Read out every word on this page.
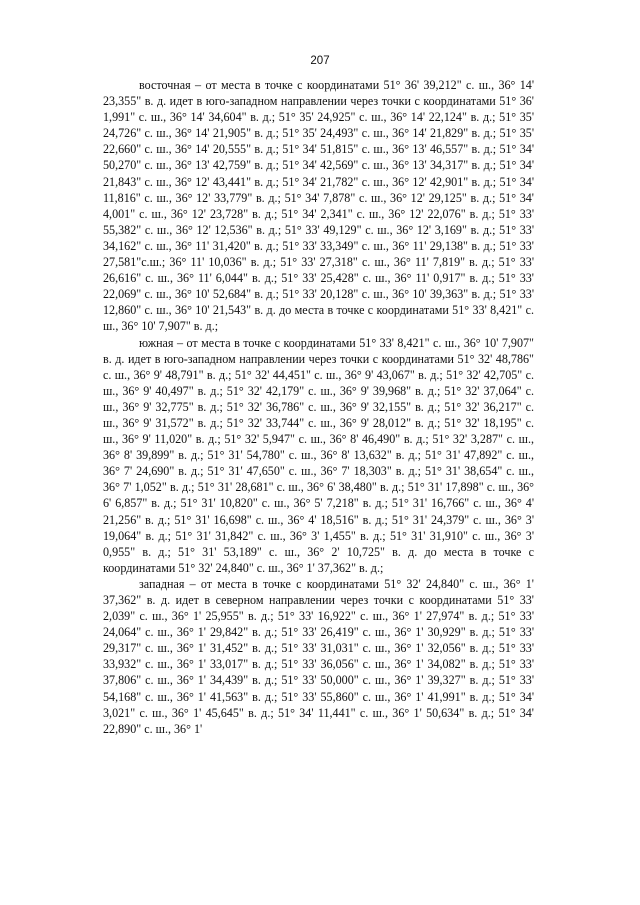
207

восточная – от места в точке с координатами 51° 36' 39,212" с. ш., 36° 14' 23,355" в. д. идет в юго-западном направлении через точки с координатами 51° 36' 1,991" с. ш., 36° 14' 34,604" в. д.; 51° 35' 24,925" с. ш., 36° 14' 22,124" в. д.; 51° 35' 24,726" с. ш., 36° 14' 21,905" в. д.; 51° 35' 24,493" с. ш., 36° 14' 21,829" в. д.; 51° 35' 22,660" с. ш., 36° 14' 20,555" в. д.; 51° 34' 51,815" с. ш., 36° 13' 46,557" в. д.; 51° 34' 50,270" с. ш., 36° 13' 42,759" в. д.; 51° 34' 42,569" с. ш., 36° 13' 34,317" в. д.; 51° 34' 21,843" с. ш., 36° 12' 43,441" в. д.; 51° 34' 21,782" с. ш., 36° 12' 42,901" в. д.; 51° 34' 11,816" с. ш., 36° 12' 33,779" в. д.; 51° 34' 7,878" с. ш., 36° 12' 29,125" в. д.; 51° 34' 4,001" с. ш., 36° 12' 23,728" в. д.; 51° 34' 2,341" с. ш., 36° 12' 22,076" в. д.; 51° 33' 55,382" с. ш., 36° 12' 12,536" в. д.; 51° 33' 49,129" с. ш., 36° 12' 3,169" в. д.; 51° 33' 34,162" с. ш., 36° 11' 31,420" в. д.; 51° 33' 33,349" с. ш., 36° 11' 29,138" в. д.; 51° 33' 27,581"с.ш.; 36° 11' 10,036" в. д.; 51° 33' 27,318" с. ш., 36° 11' 7,819" в. д.; 51° 33' 26,616" с. ш., 36° 11' 6,044" в. д.; 51° 33' 25,428" с. ш., 36° 11' 0,917" в. д.; 51° 33' 22,069" с. ш., 36° 10' 52,684" в. д.; 51° 33' 20,128" с. ш., 36° 10' 39,363" в. д.; 51° 33' 12,860" с. ш., 36° 10' 21,543" в. д. до места в точке с координатами 51° 33' 8,421" с. ш., 36° 10' 7,907" в. д.;

южная – от места в точке с координатами 51° 33' 8,421" с. ш., 36° 10' 7,907" в. д. идет в юго-западном направлении через точки с координатами 51° 32' 48,786" с. ш., 36° 9' 48,791" в. д.; 51° 32' 44,451" с. ш., 36° 9' 43,067" в. д.; 51° 32' 42,705" с. ш., 36° 9' 40,497" в. д.; 51° 32' 42,179" с. ш., 36° 9' 39,968" в. д.; 51° 32' 37,064" с. ш., 36° 9' 32,775" в. д.; 51° 32' 36,786" с. ш., 36° 9' 32,155" в. д.; 51° 32' 36,217" с. ш., 36° 9' 31,572" в. д.; 51° 32' 33,744" с. ш., 36° 9' 28,012" в. д.; 51° 32' 18,195" с. ш., 36° 9' 11,020" в. д.; 51° 32' 5,947" с. ш., 36° 8' 46,490" в. д.; 51° 32' 3,287" с. ш., 36° 8' 39,899" в. д.; 51° 31' 54,780" с. ш., 36° 8' 13,632" в. д.; 51° 31' 47,892" с. ш., 36° 7' 24,690" в. д.; 51° 31' 47,650" с. ш., 36° 7' 18,303" в. д.; 51° 31' 38,654" с. ш., 36° 7' 1,052" в. д.; 51° 31' 28,681" с. ш., 36° 6' 38,480" в. д.; 51° 31' 17,898" с. ш., 36° 6' 6,857" в. д.; 51° 31' 10,820" с. ш., 36° 5' 7,218" в. д.; 51° 31' 16,766" с. ш., 36° 4' 21,256" в. д.; 51° 31' 16,698" с. ш., 36° 4' 18,516" в. д.; 51° 31' 24,379" с. ш., 36° 3' 19,064" в. д.; 51° 31' 31,842" с. ш., 36° 3' 1,455" в. д.; 51° 31' 31,910" с. ш., 36° 3' 0,955" в. д.; 51° 31' 53,189" с. ш., 36° 2' 10,725" в. д. до места в точке с координатами 51° 32' 24,840" с. ш., 36° 1' 37,362" в. д.;

западная – от места в точке с координатами 51° 32' 24,840" с. ш., 36° 1' 37,362" в. д. идет в северном направлении через точки с координатами 51° 33' 2,039" с. ш., 36° 1' 25,955" в. д.; 51° 33' 16,922" с. ш., 36° 1' 27,974" в. д.; 51° 33' 24,064" с. ш., 36° 1' 29,842" в. д.; 51° 33' 26,419" с. ш., 36° 1' 30,929" в. д.; 51° 33' 29,317" с. ш., 36° 1' 31,452" в. д.; 51° 33' 31,031" с. ш., 36° 1' 32,056" в. д.; 51° 33' 33,932" с. ш., 36° 1' 33,017" в. д.; 51° 33' 36,056" с. ш., 36° 1' 34,082" в. д.; 51° 33' 37,806" с. ш., 36° 1' 34,439" в. д.; 51° 33' 50,000" с. ш., 36° 1' 39,327" в. д.; 51° 33' 54,168" с. ш., 36° 1' 41,563" в. д.; 51° 33' 55,860" с. ш., 36° 1' 41,991" в. д.; 51° 34' 3,021" с. ш., 36° 1' 45,645" в. д.; 51° 34' 11,441" с. ш., 36° 1' 50,634" в. д.; 51° 34' 22,890" с. ш., 36° 1'
